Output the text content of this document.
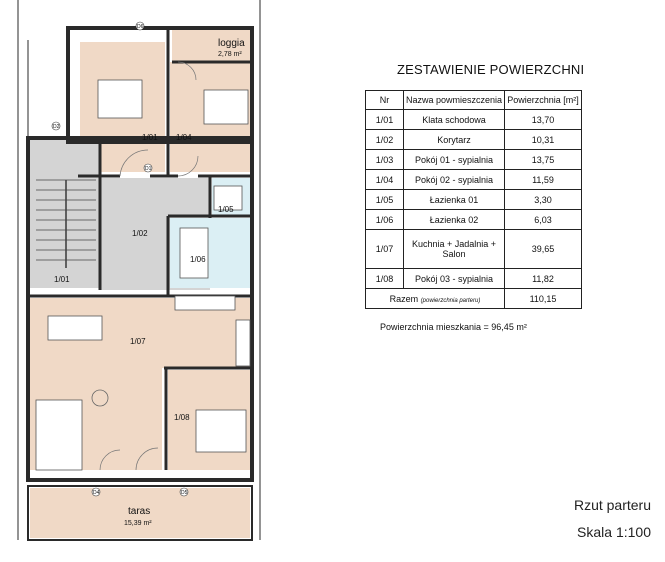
1/01 1/04
1/02
1/01
1/05
1/06
1/07
1/08
loggia
2,78 m²
taras
15,39 m²
D1
D2
D4	D5
D6
ZESTAWIENIE POWIERZCHNI
Nr	Nazwa powmieszczenia	Powierzchnia [m²]
1/01	Klata schodowa	13,70
1/02	Korytarz	10,31
1/03	Pokój 01 - sypialnia	13,75
1/04	Pokój 02 - sypialnia	11,59
1/05	Łazienka 01	3,30
1/06	Łazienka 02	6,03
1/07	Kuchnia + Jadalnia + Salon	39,65
1/08	Pokój 03 - sypialnia	11,82
Razem (powierzchnia parteru)		110,15
Powierzchnia mieszkania = 96,45 m²
Rzut parteru
Skala 1:100
